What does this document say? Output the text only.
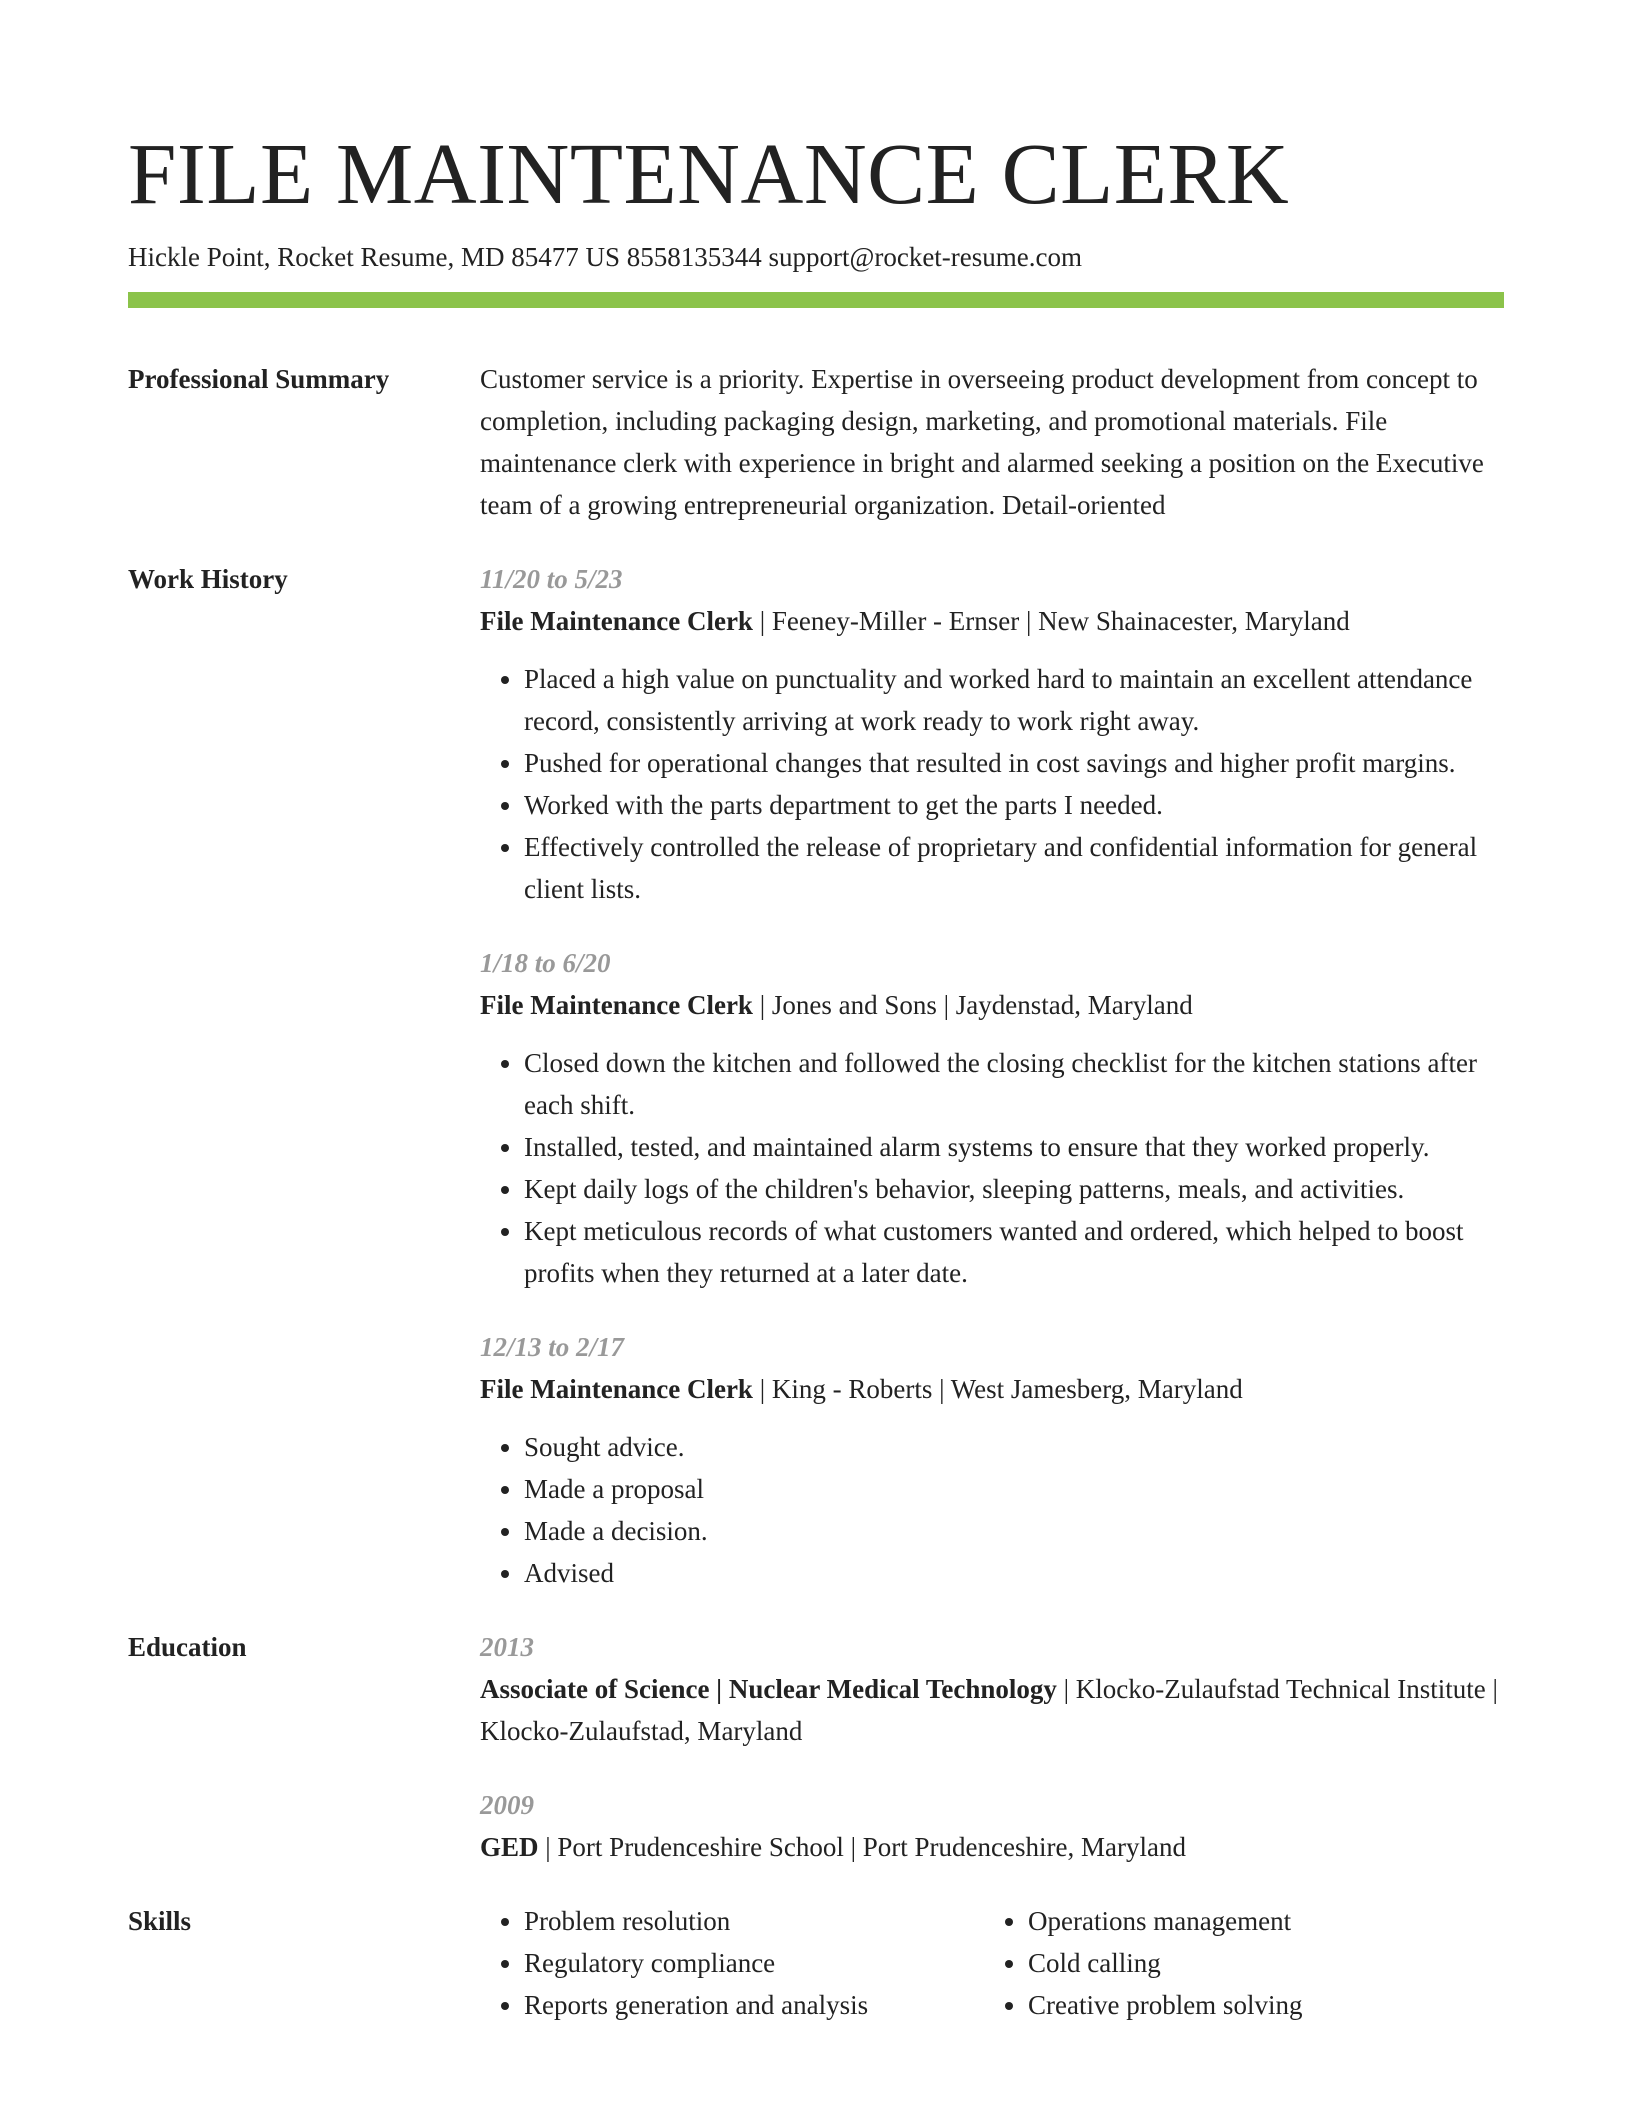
FILE MAINTENANCE CLERK
Hickle Point, Rocket Resume, MD 85477 US 8558135344 support@rocket-resume.com
Professional Summary	Customer service is a priority. Expertise in overseeing product development from concept to completion, including packaging design, marketing, and promotional materials. File maintenance clerk with experience in bright and alarmed seeking a position on the Executive team of a growing entrepreneurial organization. Detail-oriented
Work History	11/20 to 5/23
File Maintenance Clerk | Feeney-Miller - Ernser | New Shainacester, Maryland
• Placed a high value on punctuality and worked hard to maintain an excellent attendance record, consistently arriving at work ready to work right away.
• Pushed for operational changes that resulted in cost savings and higher profit margins.
• Worked with the parts department to get the parts I needed.
• Effectively controlled the release of proprietary and confidential information for general client lists.
1/18 to 6/20
File Maintenance Clerk | Jones and Sons | Jaydenstad, Maryland
• Closed down the kitchen and followed the closing checklist for the kitchen stations after each shift.
• Installed, tested, and maintained alarm systems to ensure that they worked properly.
• Kept daily logs of the children's behavior, sleeping patterns, meals, and activities.
• Kept meticulous records of what customers wanted and ordered, which helped to boost profits when they returned at a later date.
12/13 to 2/17
File Maintenance Clerk | King - Roberts | West Jamesberg, Maryland
• Sought advice.
• Made a proposal
• Made a decision.
• Advised
Education	2013
Associate of Science | Nuclear Medical Technology | Klocko-Zulaufstad Technical Institute | Klocko-Zulaufstad, Maryland
2009
GED | Port Prudenceshire School | Port Prudenceshire, Maryland
Skills
•	Problem resolution
• Regulatory compliance
• Reports generation and analysis
• Operations management
• Cold calling
• Creative problem solving
